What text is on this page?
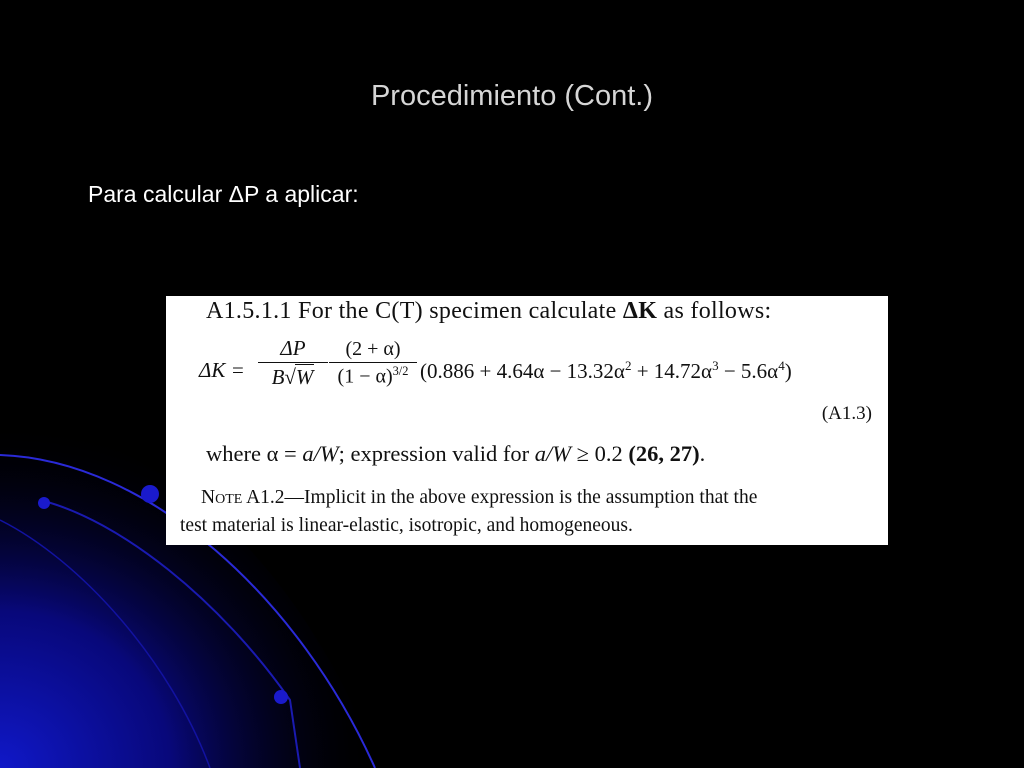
Procedimiento (Cont.)
Para calcular ΔP a aplicar:
A1.5.1.1 For the C(T) specimen calculate ΔK as follows:
$\Delta K = \frac{\Delta P}{B√W} \frac{(2 + \alpha)}{(1 - \alpha)^{3/2}} (0.886 + 4.64\alpha - 13.32\alpha^2 + 14.72\alpha^3 - 5.6\alpha^4)$
(A1.3)
where α = a/W; expression valid for a/W ≥ 0.2 (26, 27).
Note A1.2—Implicit in the above expression is the assumption that the
test material is linear-elastic, isotropic, and homogeneous.
